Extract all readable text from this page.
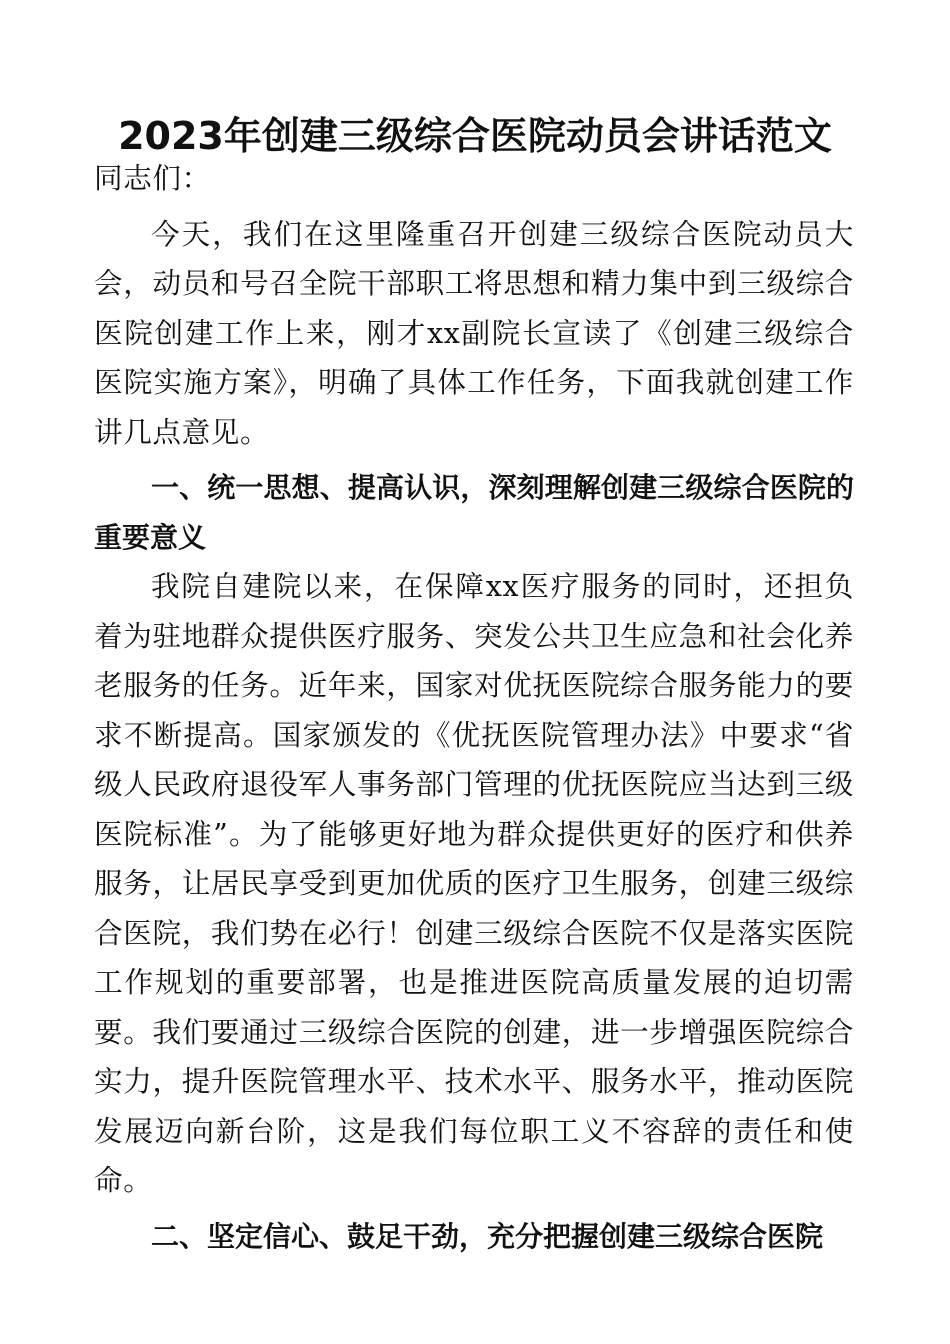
2023年创建三级综合医院动员会讲话范文

同志们：

今天，我们在这里隆重召开创建三级综合医院动员大会，动员和号召全院干部职工将思想和精力集中到三级综合医院创建工作上来，刚才xx副院长宣读了《创建三级综合医院实施方案》，明确了具体工作任务，下面我就创建工作讲几点意见。

一、统一思想、提高认识，深刻理解创建三级综合医院的重要意义

我院自建院以来，在保障xx医疗服务的同时，还担负着为驻地群众提供医疗服务、突发公共卫生应急和社会化养老服务的任务。近年来，国家对优抚医院综合服务能力的要求不断提高。国家颁发的《优抚医院管理办法》中要求“省级人民政府退役军人事务部门管理的优抚医院应当达到三级医院标准”。为了能够更好地为群众提供更好的医疗和供养服务，让居民享受到更加优质的医疗卫生服务，创建三级综合医院，我们势在必行！创建三级综合医院不仅是落实医院工作规划的重要部署，也是推进医院高质量发展的迫切需要。我们要通过三级综合医院的创建，进一步增强医院综合实力，提升医院管理水平、技术水平、服务水平，推动医院发展迈向新台阶，这是我们每位职工义不容辞的责任和使命。

二、坚定信心、鼓足干劲，充分把握创建三级综合医院
